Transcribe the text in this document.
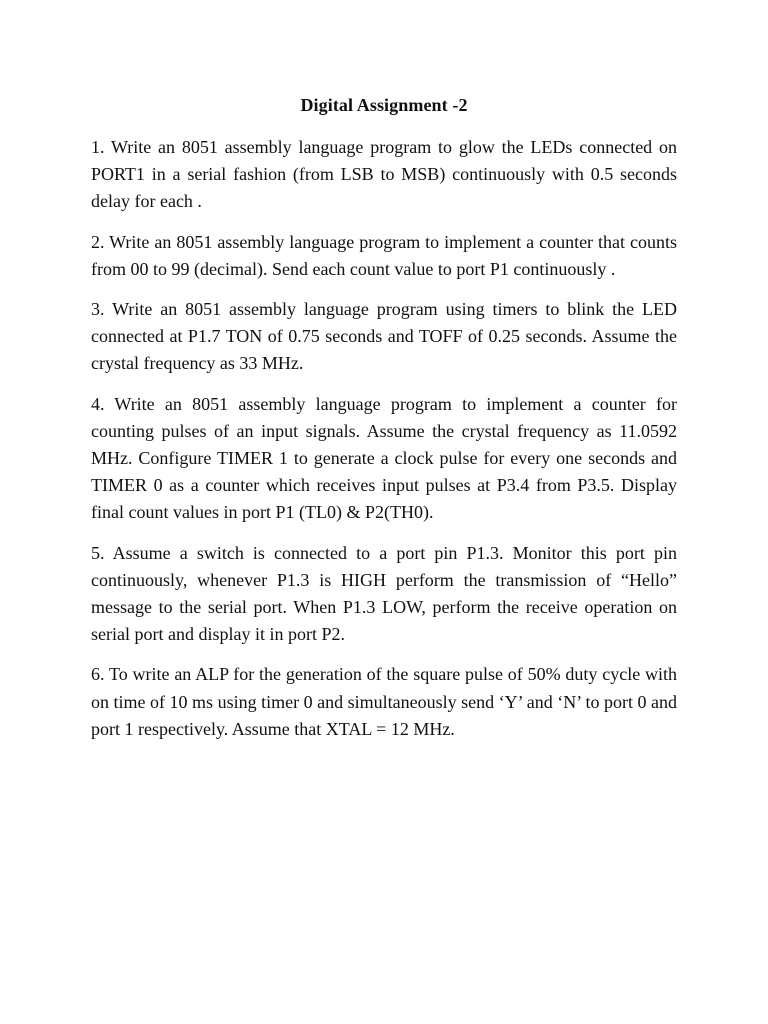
Digital Assignment -2

1. Write an 8051 assembly language program to glow the LEDs connected on PORT1 in a serial fashion (from LSB to MSB) continuously with 0.5 seconds delay for each .

2. Write an 8051 assembly language program to implement a counter that counts from 00 to 99 (decimal). Send each count value to port P1 continuously .

3. Write an 8051 assembly language program using timers to blink the LED connected at P1.7 TON of 0.75 seconds and TOFF of 0.25 seconds. Assume the crystal frequency as 33 MHz.

4. Write an 8051 assembly language program to implement a counter for counting pulses of an input signals. Assume the crystal frequency as 11.0592 MHz. Configure TIMER 1 to generate a clock pulse for every one seconds and TIMER 0 as a counter which receives input pulses at P3.4 from P3.5. Display final count values in port P1 (TL0) & P2(TH0).

5. Assume a switch is connected to a port pin P1.3. Monitor this port pin continuously, whenever P1.3 is HIGH perform the transmission of “Hello” message to the serial port. When P1.3 LOW, perform the receive operation on serial port and display it in port P2.

6. To write an ALP for the generation of the square pulse of 50% duty cycle with on time of 10 ms using timer 0 and simultaneously send ‘Y’ and ‘N’ to port 0 and port 1 respectively. Assume that XTAL = 12 MHz.
